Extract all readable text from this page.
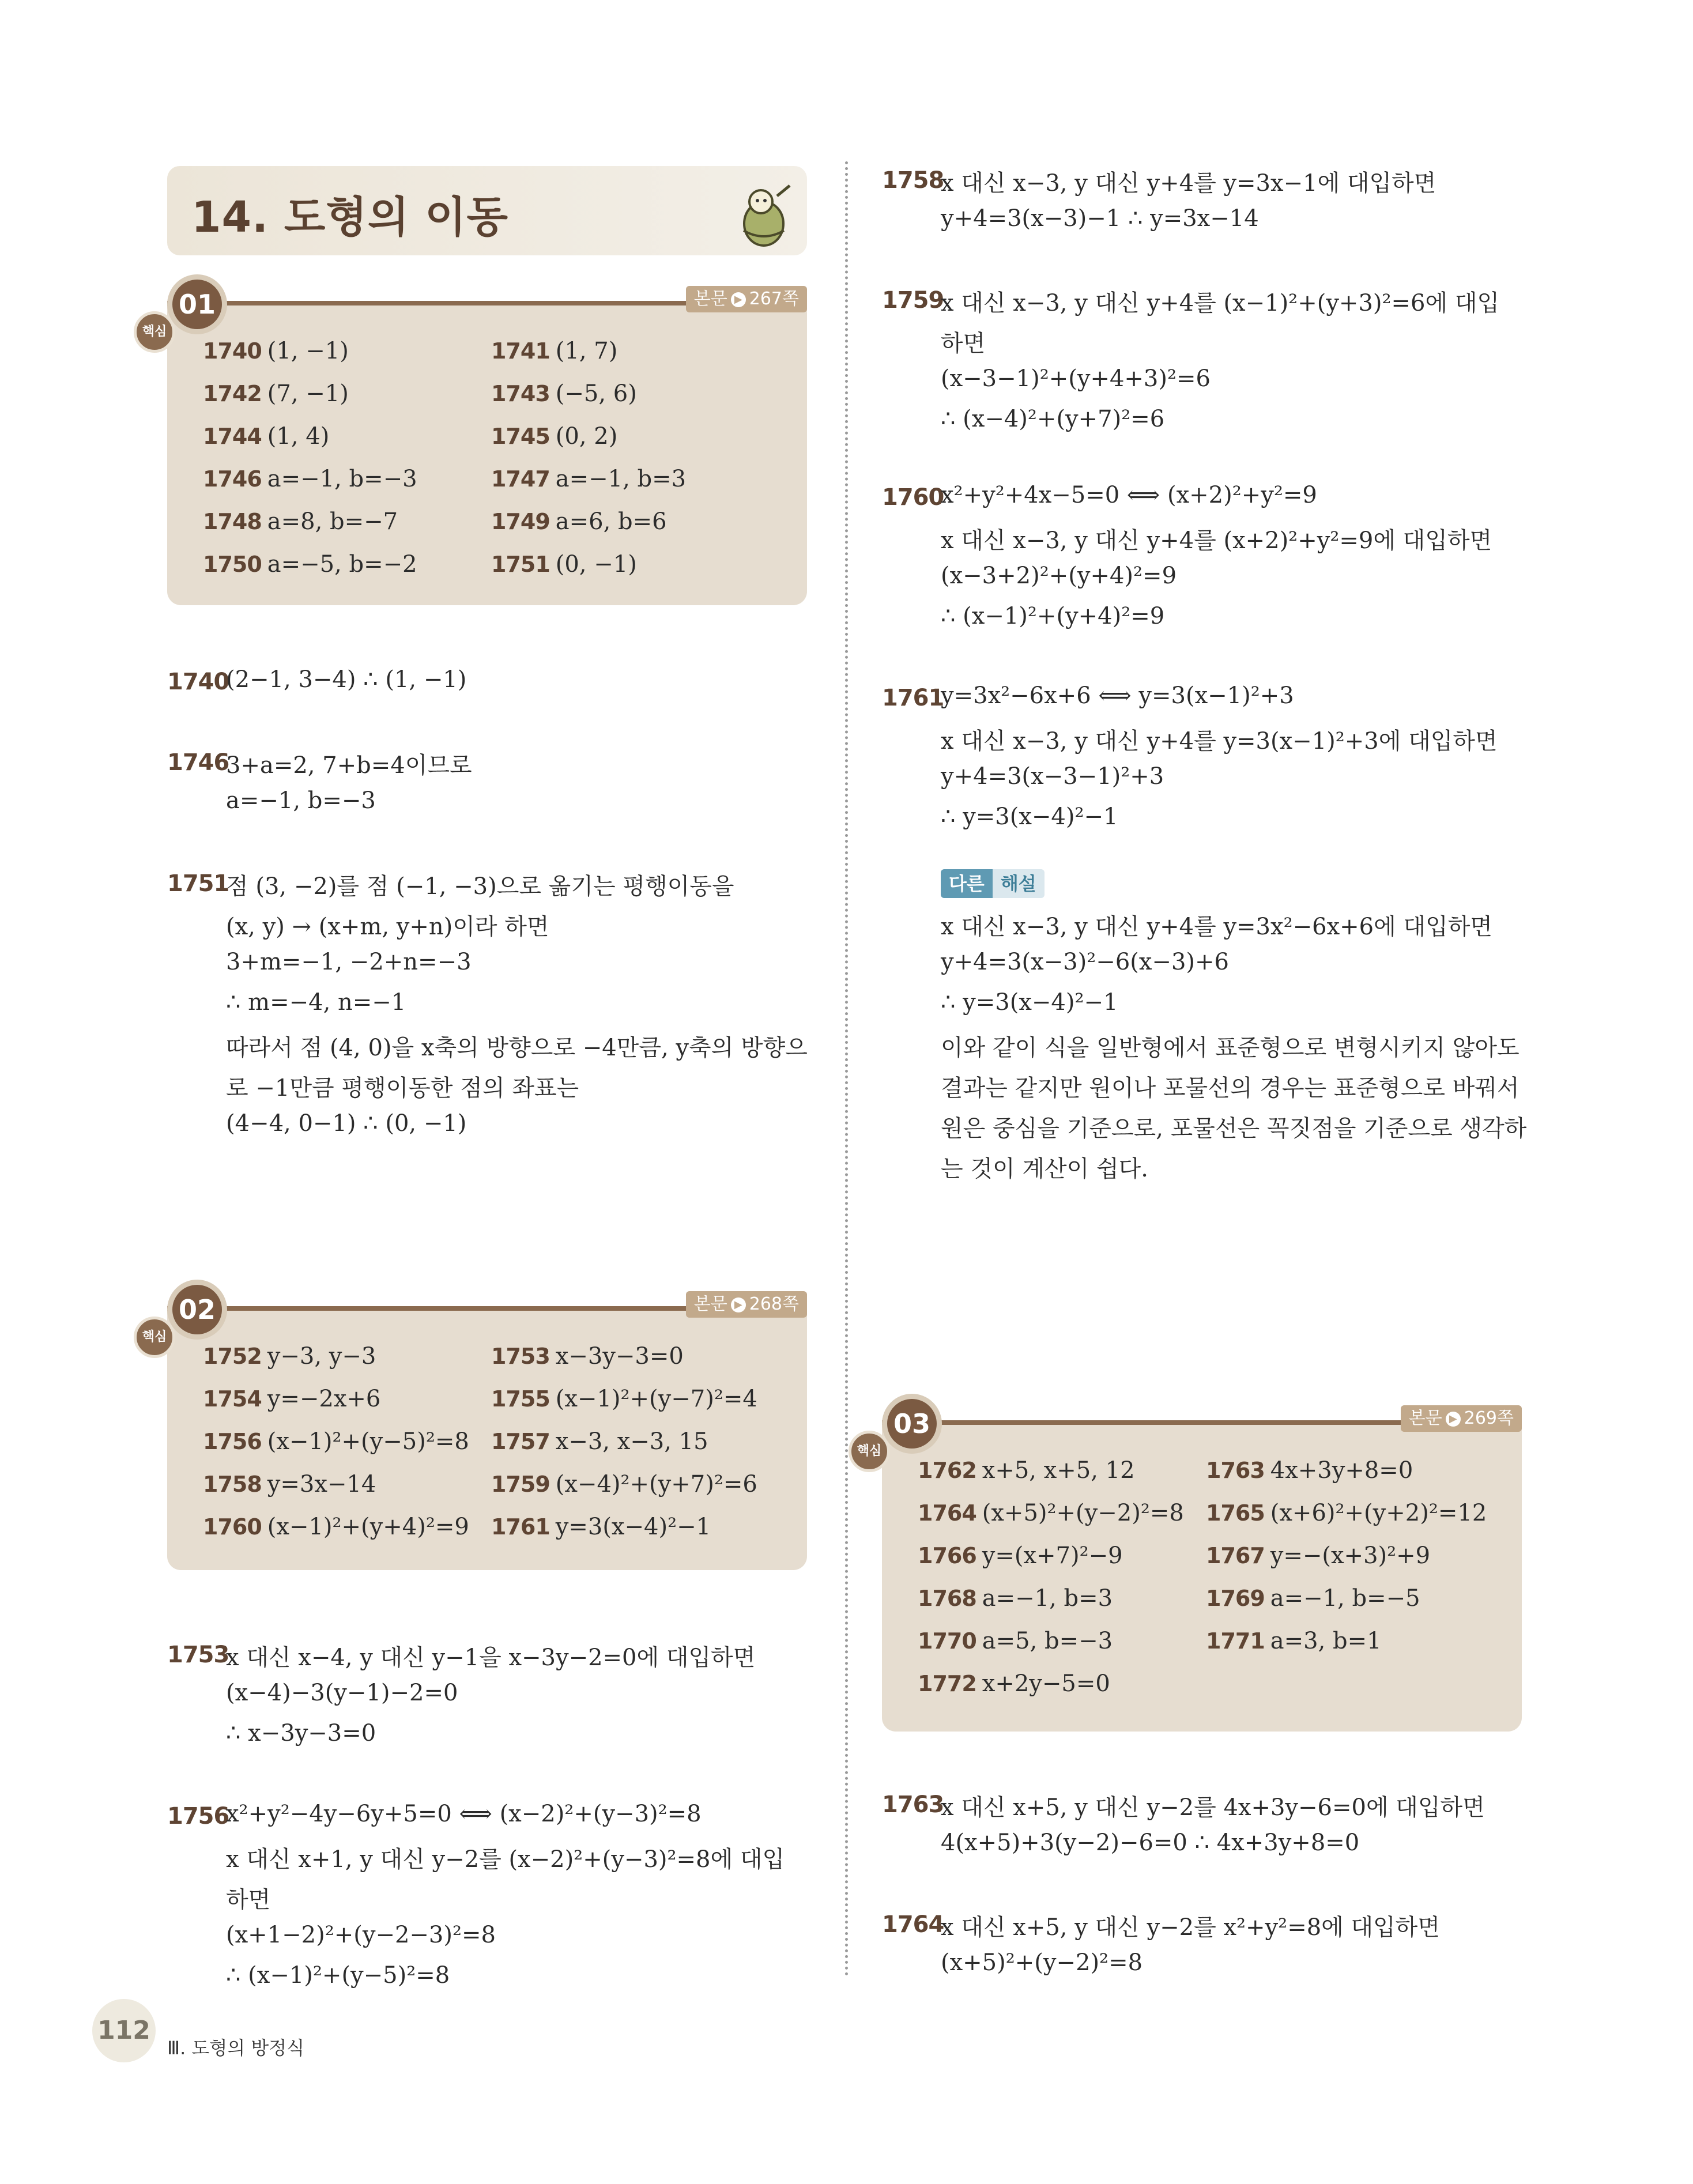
14. 도형의 이동
본문 ▶ 267쪽
1740 (1, −1)	1741 (1, 7)
1742 (7, −1)	1743 (−5, 6)
1744 (1, 4)	1745 (0, 2)
1746 a=−1, b=−3	1747 a=−1, b=3
1748 a=8, b=−7	1749 a=6, b=6
1750 a=−5, b=−2	1751 (0, −1)
01
핵심
본문 ▶ 268쪽
1752 y−3, y−3	1753 x−3y−3=0
1754 y=−2x+6	1755 (x−1)²+(y−7)²=4
1756 (x−1)²+(y−5)²=8 1757 x−3, x−3, 15
1758 y=3x−14	1759 (x−4)²+(y+7)²=6
1760 (x−1)²+(y+4)²=9 1761 y=3(x−4)²−1
02
핵심
본문 ▶ 269쪽
1762 x+5, x+5, 12	1763 4x+3y+8=0
1764 (x+5)²+(y−2)²=8 1765 (x+6)²+(y+2)²=12
1766 y=(x+7)²−9	1767 y=−(x+3)²+9
1768 a=−1, b=3	1769 a=−1, b=−5
1770 a=5, b=−3	1771 a=3, b=1
1772 x+2y−5=0
03
핵심
1740
(2−1, 3−4) ∴ (1, −1)
1746
3+a=2, 7+b=4이므로
a=−1, b=−3
1751
점 (3, −2)를 점 (−1, −3)으로 옮기는 평행이동을
(x, y) → (x+m, y+n)이라 하면
3+m=−1, −2+n=−3
∴ m=−4, n=−1
따라서 점 (4, 0)을 x축의 방향으로 −4만큼, y축의 방향으
로 −1만큼 평행이동한 점의 좌표는
(4−4, 0−1) ∴ (0, −1)
1753
x 대신 x−4, y 대신 y−1을 x−3y−2=0에 대입하면
(x−4)−3(y−1)−2=0
∴ x−3y−3=0
1756
x²+y²−4y−6y+5=0 ⟺ (x−2)²+(y−3)²=8
x 대신 x+1, y 대신 y−2를 (x−2)²+(y−3)²=8에 대입
하면
(x+1−2)²+(y−2−3)²=8
∴ (x−1)²+(y−5)²=8
1758
x 대신 x−3, y 대신 y+4를 y=3x−1에 대입하면
y+4=3(x−3)−1 ∴ y=3x−14
1759
x 대신 x−3, y 대신 y+4를 (x−1)²+(y+3)²=6에 대입
하면
(x−3−1)²+(y+4+3)²=6
∴ (x−4)²+(y+7)²=6
1760
x²+y²+4x−5=0 ⟺ (x+2)²+y²=9
x 대신 x−3, y 대신 y+4를 (x+2)²+y²=9에 대입하면
(x−3+2)²+(y+4)²=9
∴ (x−1)²+(y+4)²=9
1761
y=3x²−6x+6 ⟺ y=3(x−1)²+3
x 대신 x−3, y 대신 y+4를 y=3(x−1)²+3에 대입하면
y+4=3(x−3−1)²+3
∴ y=3(x−4)²−1
1763
x 대신 x+5, y 대신 y−2를 4x+3y−6=0에 대입하면
4(x+5)+3(y−2)−6=0 ∴ 4x+3y+8=0
1764
x 대신 x+5, y 대신 y−2를 x²+y²=8에 대입하면
(x+5)²+(y−2)²=8
다른 해설
x 대신 x−3, y 대신 y+4를 y=3x²−6x+6에 대입하면
y+4=3(x−3)²−6(x−3)+6
∴ y=3(x−4)²−1
이와 같이 식을 일반형에서 표준형으로 변형시키지 않아도
결과는 같지만 원이나 포물선의 경우는 표준형으로 바꿔서
원은 중심을 기준으로, 포물선은 꼭짓점을 기준으로 생각하
는 것이 계산이 쉽다.
112
Ⅲ. 도형의 방정식
